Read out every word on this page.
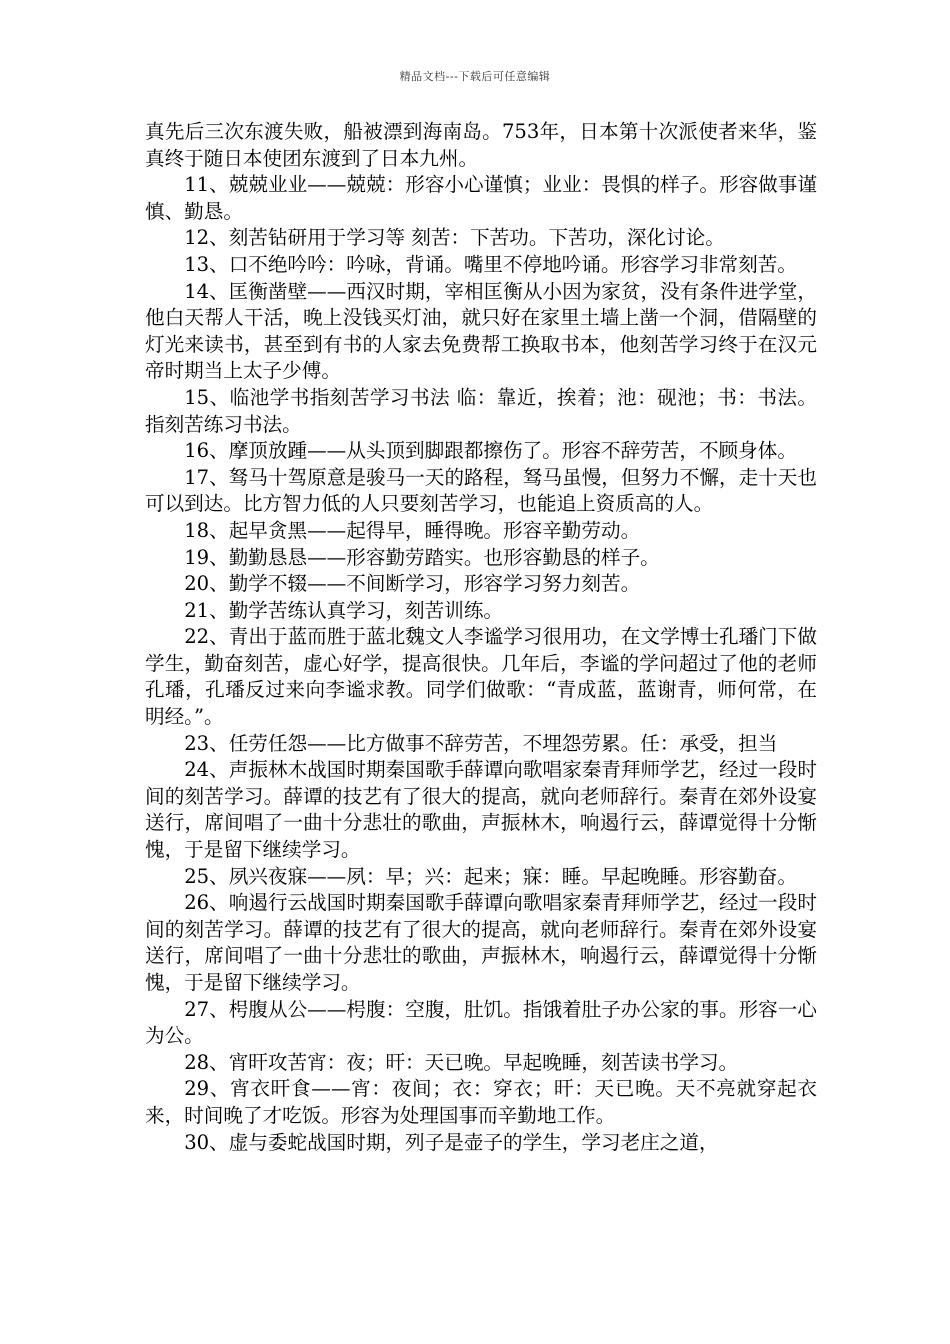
精品文档---下载后可任意编辑

真先后三次东渡失败，船被漂到海南岛。753年，日本第十次派使者来华，鉴真终于随日本使团东渡到了日本九州。

11、兢兢业业——兢兢：形容小心谨慎；业业：畏惧的样子。形容做事谨慎、勤恳。

12、刻苦钻研用于学习等 刻苦：下苦功。下苦功，深化讨论。

13、口不绝吟吟：吟咏，背诵。嘴里不停地吟诵。形容学习非常刻苦。

14、匡衡凿壁——西汉时期，宰相匡衡从小因为家贫，没有条件进学堂，他白天帮人干活，晚上没钱买灯油，就只好在家里土墙上凿一个洞，借隔壁的灯光来读书，甚至到有书的人家去免费帮工换取书本，他刻苦学习终于在汉元帝时期当上太子少傅。

15、临池学书指刻苦学习书法 临：靠近，挨着；池：砚池；书：书法。指刻苦练习书法。

16、摩顶放踵——从头顶到脚跟都擦伤了。形容不辞劳苦，不顾身体。

17、驽马十驾原意是骏马一天的路程，驽马虽慢，但努力不懈，走十天也可以到达。比方智力低的人只要刻苦学习，也能追上资质高的人。

18、起早贪黑——起得早，睡得晚。形容辛勤劳动。

19、勤勤恳恳——形容勤劳踏实。也形容勤恳的样子。

20、勤学不辍——不间断学习，形容学习努力刻苦。

21、勤学苦练认真学习，刻苦训练。

22、青出于蓝而胜于蓝北魏文人李谧学习很用功，在文学博士孔璠门下做学生，勤奋刻苦，虚心好学，提高很快。几年后，李谧的学问超过了他的老师孔璠，孔璠反过来向李谧求教。同学们做歌：“青成蓝，蓝谢青，师何常，在明经。”。

23、任劳任怨——比方做事不辞劳苦，不埋怨劳累。任：承受，担当

24、声振林木战国时期秦国歌手薛谭向歌唱家秦青拜师学艺，经过一段时间的刻苦学习。薛谭的技艺有了很大的提高，就向老师辞行。秦青在郊外设宴送行，席间唱了一曲十分悲壮的歌曲，声振林木，响遏行云，薛谭觉得十分惭愧，于是留下继续学习。

25、夙兴夜寐——夙：早；兴：起来；寐：睡。早起晚睡。形容勤奋。

26、响遏行云战国时期秦国歌手薛谭向歌唱家秦青拜师学艺，经过一段时间的刻苦学习。薛谭的技艺有了很大的提高，就向老师辞行。秦青在郊外设宴送行，席间唱了一曲十分悲壮的歌曲，声振林木，响遏行云，薛谭觉得十分惭愧，于是留下继续学习。

27、枵腹从公——枵腹：空腹，肚饥。指饿着肚子办公家的事。形容一心为公。

28、宵旰攻苦宵：夜；旰：天已晚。早起晚睡，刻苦读书学习。

29、宵衣旰食——宵：夜间；衣：穿衣；旰：天已晚。天不亮就穿起衣来，时间晚了才吃饭。形容为处理国事而辛勤地工作。

30、虚与委蛇战国时期，列子是壶子的学生，学习老庄之道，
